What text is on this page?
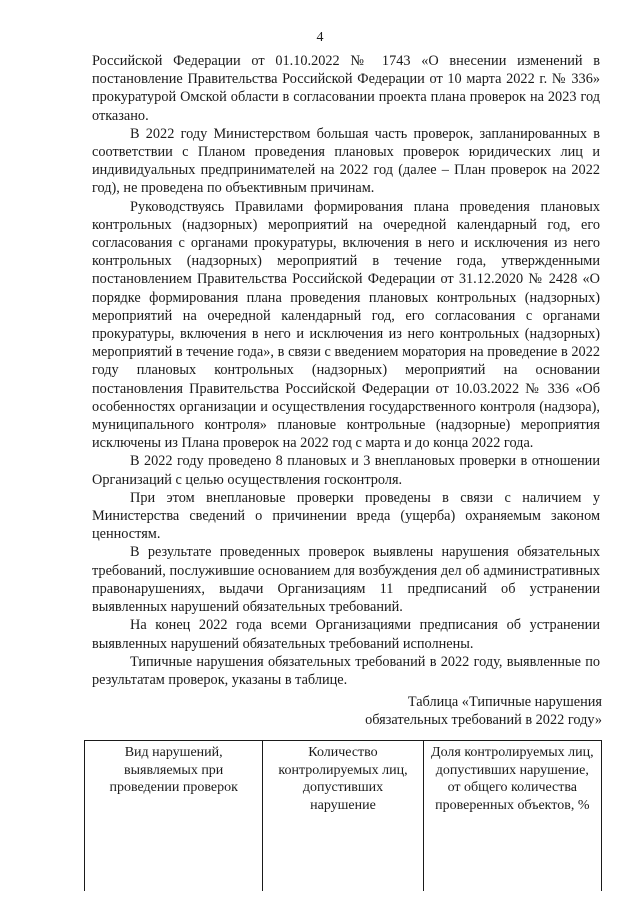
4

Российской Федерации от 01.10.2022 № 1743 «О внесении изменений в постановление Правительства Российской Федерации от 10 марта 2022 г. № 336» прокуратурой Омской области в согласовании проекта плана проверок на 2023 год отказано.

В 2022 году Министерством большая часть проверок, запланированных в соответствии с Планом проведения плановых проверок юридических лиц и индивидуальных предпринимателей на 2022 год (далее – План проверок на 2022 год), не проведена по объективным причинам.

Руководствуясь Правилами формирования плана проведения плановых контрольных (надзорных) мероприятий на очередной календарный год, его согласования с органами прокуратуры, включения в него и исключения из него контрольных (надзорных) мероприятий в течение года, утвержденными постановлением Правительства Российской Федерации от 31.12.2020 № 2428 «О порядке формирования плана проведения плановых контрольных (надзорных) мероприятий на очередной календарный год, его согласования с органами прокуратуры, включения в него и исключения из него контрольных (надзорных) мероприятий в течение года», в связи с введением моратория на проведение в 2022 году плановых контрольных (надзорных) мероприятий на основании постановления Правительства Российской Федерации от 10.03.2022 № 336 «Об особенностях организации и осуществления государственного контроля (надзора), муниципального контроля» плановые контрольные (надзорные) мероприятия исключены из Плана проверок на 2022 год с марта и до конца 2022 года.

В 2022 году проведено 8 плановых и 3 внеплановых проверки в отношении Организаций с целью осуществления госконтроля.

При этом внеплановые проверки проведены в связи с наличием у Министерства сведений о причинении вреда (ущерба) охраняемым законом ценностям.

В результате проведенных проверок выявлены нарушения обязательных требований, послужившие основанием для возбуждения дел об административных правонарушениях, выдачи Организациям 11 предписаний об устранении выявленных нарушений обязательных требований.

На конец 2022 года всеми Организациями предписания об устранении выявленных нарушений обязательных требований исполнены.

Типичные нарушения обязательных требований в 2022 году, выявленные по результатам проверок, указаны в таблице.

Таблица «Типичные нарушения
обязательных требований в 2022 году»
Вид нарушений, выявляемых при проведении проверок	Количество контролируемых лиц, допустивших нарушение	Доля контролируемых лиц, допустивших нарушение, от общего количества проверенных объектов, %
